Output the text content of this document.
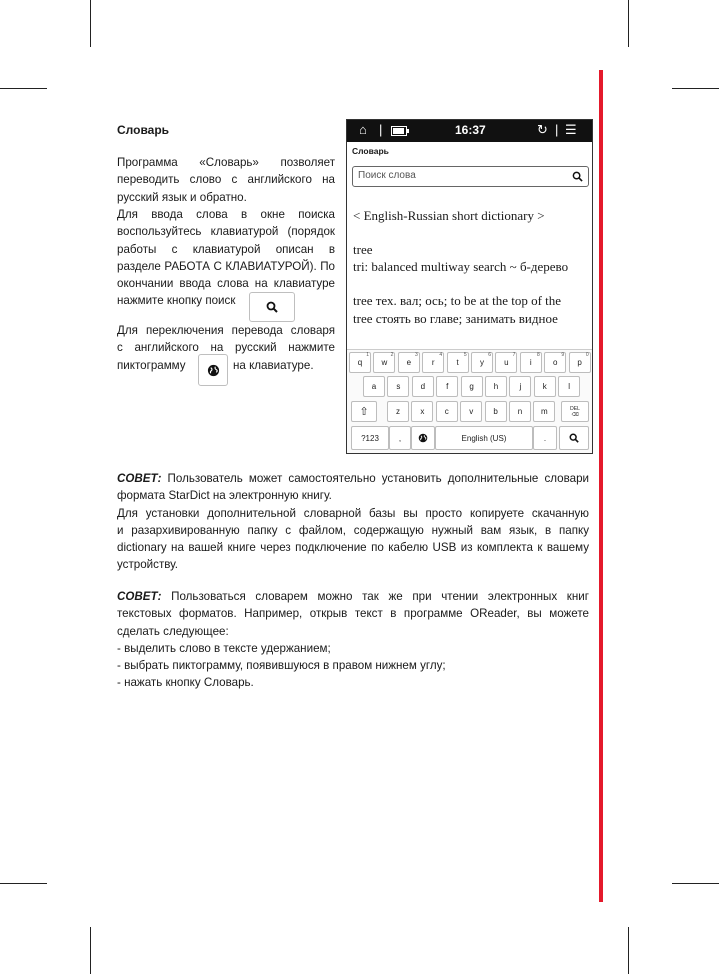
Словарь
Программа «Словарь» позволяет
переводить слово с английского на
русский язык и обратно.
Для ввода слова в окне поиска
воспользуйтесь клавиатурой (порядок
работы с клавиатурой описан в
разделе РАБОТА С КЛАВИАТУРОЙ). По
окончании ввода слова на клавиатуре
нажмите кнопку поиск
Для переключения перевода словаря
с английского на русский нажмите
пиктограмму	на клавиатуре.
⌂ |	16:37	↻ | ☰
Словарь
Поиск слова
< English-Russian short dictionary >
tree
tri: balanced multiway search ~ б-дерево
tree тех. вал; ось; to be at the top of the
tree стоять во главе; занимать видное
q
1
w
2
e
3
r
4
t
5
y
6
u
7
i
8
o
9
p
0
a	s	d	f	g h	j	k	l
⇧	z	x	c	v	b n m	DEL
⌫
?123 ,	English (US)	.
СОВЕТ: Пользователь может самостоятельно установить дополнительные словари
формата StarDict на электронную книгу.
Для установки дополнительной словарной базы вы просто копируете скачанную
и разархивированную папку с файлом, содержащую нужный вам язык, в папку
dictionary на вашей книге через подключение по кабелю USB из комплекта к вашему
устройству.
СОВЕТ: Пользоваться словарем можно так же при чтении электронных книг
текстовых форматов. Например, открыв текст в программе OReader, вы можете
сделать следующее:
- выделить слово в тексте удержанием;
- выбрать пиктограмму, появившуюся в правом нижнем углу;
- нажать кнопку Словарь.
